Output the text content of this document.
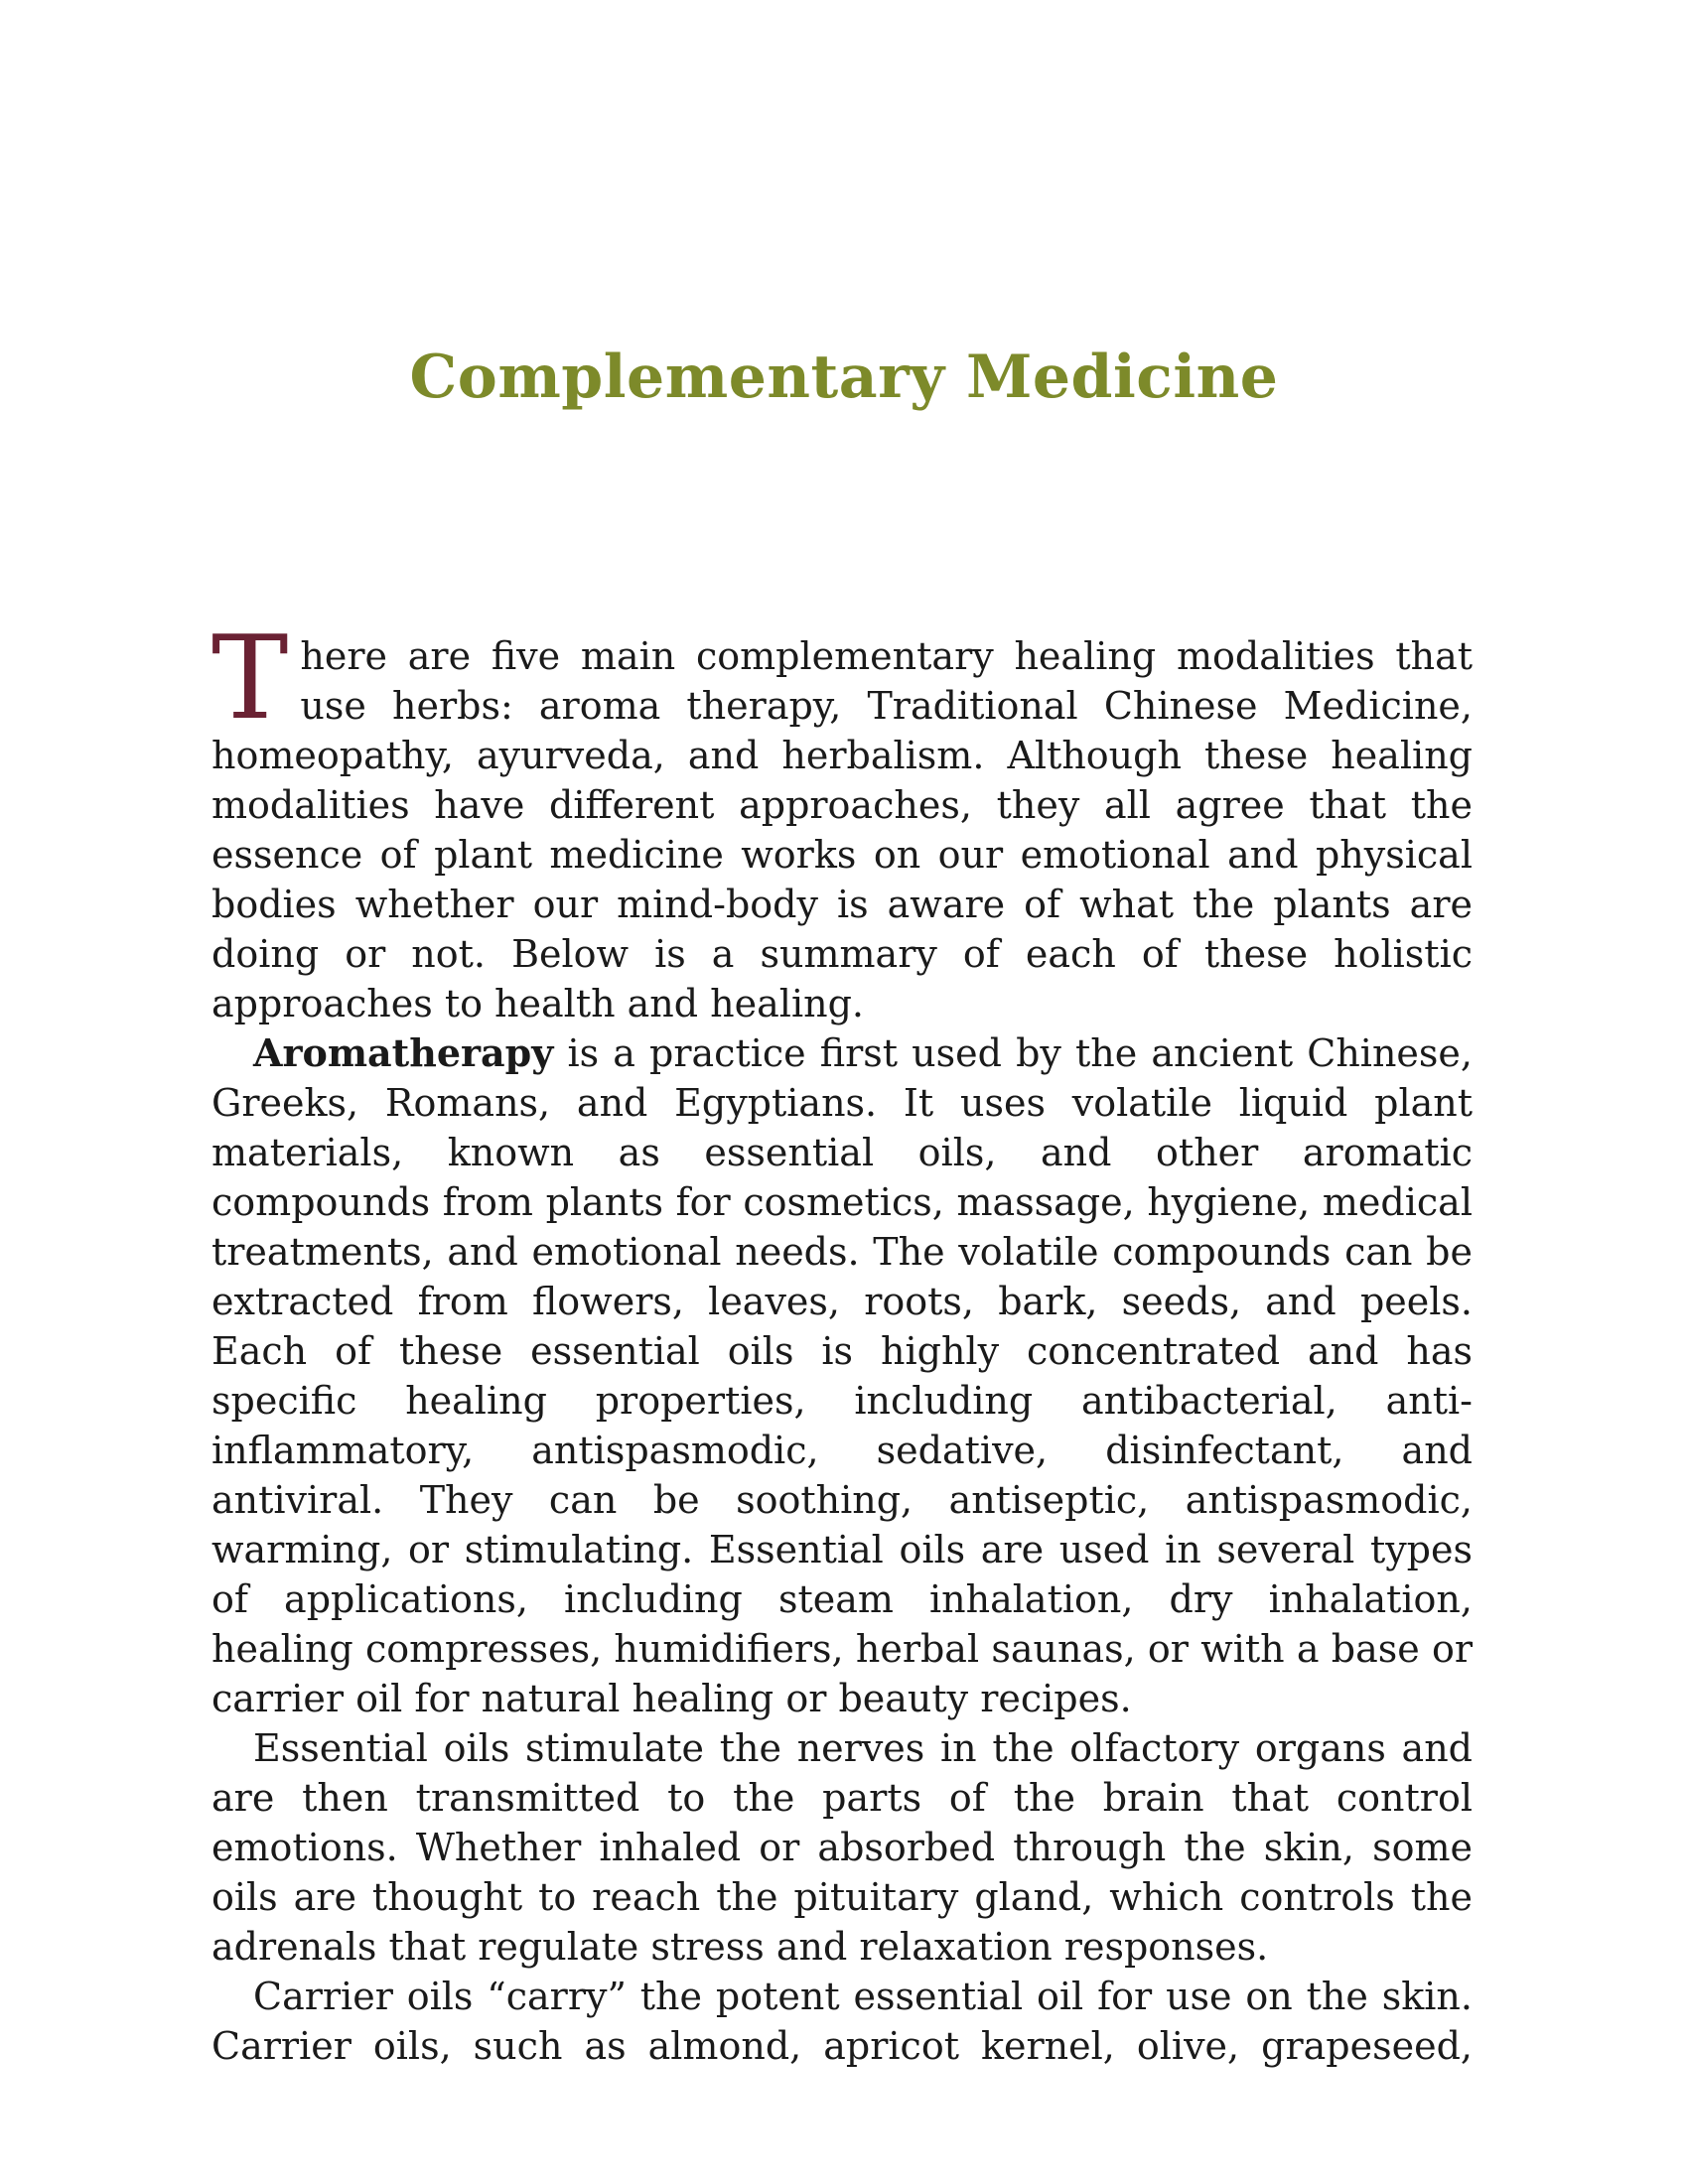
Complementary Medicine

There are five main complementary healing modalities that use herbs: aroma therapy, Traditional Chinese Medicine, homeopathy, ayurveda, and herbalism. Although these healing modalities have different approaches, they all agree that the essence of plant medicine works on our emotional and physical bodies whether our mind-body is aware of what the plants are doing or not. Below is a summary of each of these holistic approaches to health and healing.

Aromatherapy is a practice first used by the ancient Chinese, Greeks, Romans, and Egyptians. It uses volatile liquid plant materials, known as essential oils, and other aromatic compounds from plants for cosmetics, massage, hygiene, medical treatments, and emotional needs. The volatile compounds can be extracted from flowers, leaves, roots, bark, seeds, and peels. Each of these essential oils is highly concentrated and has specific healing properties, including antibacterial, anti-inflammatory, antispasmodic, sedative, disinfectant, and antiviral. They can be soothing, antiseptic, antispasmodic, warming, or stimulating. Essential oils are used in several types of applications, including steam inhalation, dry inhalation, healing compresses, humidifiers, herbal saunas, or with a base or carrier oil for natural healing or beauty recipes.

Essential oils stimulate the nerves in the olfactory organs and are then transmitted to the parts of the brain that control emotions. Whether inhaled or absorbed through the skin, some oils are thought to reach the pituitary gland, which controls the adrenals that regulate stress and relaxation responses.

Carrier oils “carry” the potent essential oil for use on the skin. Carrier oils, such as almond, apricot kernel, olive, grapeseed,
